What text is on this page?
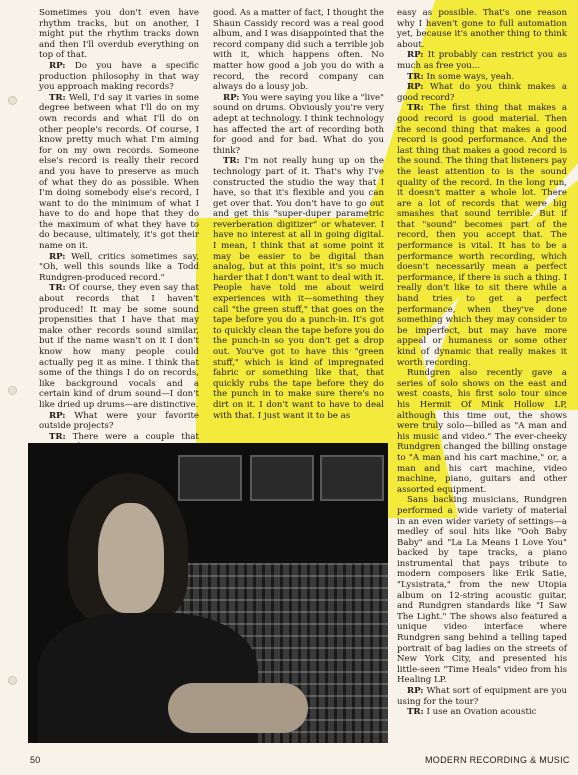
Sometimes you don't even have rhythm tracks, but on another, I might put the rhythm tracks down and then I'll overdub everything on top of that.

RP: Do you have a specific production philosophy in that way you approach making records?

TR: Well, I'd say it varies in some degree between what I'll do on my own records and what I'll do on other people's records. Of course, I know pretty much what I'm aiming for on my own records. Someone else's record is really their record and you have to preserve as much of what they do as possible. When I'm doing somebody else's record, I want to do the minimum of what I have to do and hope that they do the maximum of what they have to do because, ultimately, it's got their name on it.

RP: Well, critics sometimes say, "Oh, well this sounds like a Todd Rundgren-produced record."

TR: Of course, they even say that about records that I haven't produced! It may be some sound propensities that I have that may make other records sound similar, but if the name wasn't on it I don't know how many people could actually peg it as mine. I think that some of the things I do on records, like background vocals and a certain kind of drum sound—I don't like dried up drums—are distinctive.

RP: What were your favorite outside projects?

TR: There were a couple that

good. As a matter of fact, I thought the Shaun Cassidy record was a real good album, and I was disappointed that the record company did such a terrible job with it, which happens often. No matter how good a job you do with a record, the record company can always do a lousy job.

RP: You were saying you like a "live" sound on drums. Obviously you're very adept at technology. I think technology has affected the art of recording both for good and for bad. What do you think?

TR: I'm not really hung up on the technology part of it. That's why I've constructed the studio the way that I have, so that it's flexible and you can get over that. You don't have to go out and get this "super-duper parametric reverberation digitizer" or whatever. I have no interest at all in going digital. I mean, I think that at some point it may be easier to be digital than analog, but at this point, it's so much harder that I don't want to deal with it. People have told me about weird experiences with it—something they call "the green stuff," that goes on the tape before you do a punch-in. It's got to quickly clean the tape before you do the punch-in so you don't get a drop out. You've got to have this "green stuff," which is kind of impregnated fabric or something like that, that quickly rubs the tape before they do the punch in to make sure there's no dirt on it. I don't want to have to deal with that. I just want it to be as

easy as possible. That's one reason why I haven't gone to full automation yet, because it's another thing to think about.

RP: It probably can restrict you as much as free you...

TR: In some ways, yeah.

RP: What do you think makes a good record?

TR: The first thing that makes a good record is good material. Then the second thing that makes a good record is good performance. And the last thing that makes a good record is the sound. The thing that listeners pay the least attention to is the sound quality of the record. In the long run, it doesn't matter a whole lot. There are a lot of records that were big smashes that sound terrible. But if that "sound" becomes part of the record, then you accept that. The performance is vital. It has to be a performance worth recording, which doesn't necessarily mean a perfect performance, if there is such a thing. I really don't like to sit there while a band tries to get a perfect performance, when they've done something which they may consider to be imperfect, but may have more appeal or humaness or some other kind of dynamic that really makes it worth recording.

Rundgren also recently gave a series of solo shows on the east and west coasts, his first solo tour since his Hermit Of Mink Hollow LP, although this time out, the shows were truly solo—billed as "A man and his music and video." The ever-cheeky Rundgren changed the billing onstage to "A man and his cart machine," or, a man and his cart machine, video machine, piano, guitars and other assorted equipment.

Sans backing musicians, Rundgren performed a wide variety of material in an even wider variety of settings—a medley of soul hits like "Ooh Baby Baby" and "La La Means I Love You" backed by tape tracks, a piano instrumental that pays tribute to modern composers like Erik Satie, "Lysistrata," from the new Utopia album on 12-string acoustic guitar, and Rundgren standards like "I Saw The Light." The shows also featured a unique video interface where Rundgren sang behind a telling taped portrait of bag ladies on the streets of New York City, and presented his little-seen "Time Heals" video from his Healing LP.

RP: What sort of equipment are you using for the tour?

TR: I use an Ovation acoustic

50	MODERN RECORDING & MUSIC
